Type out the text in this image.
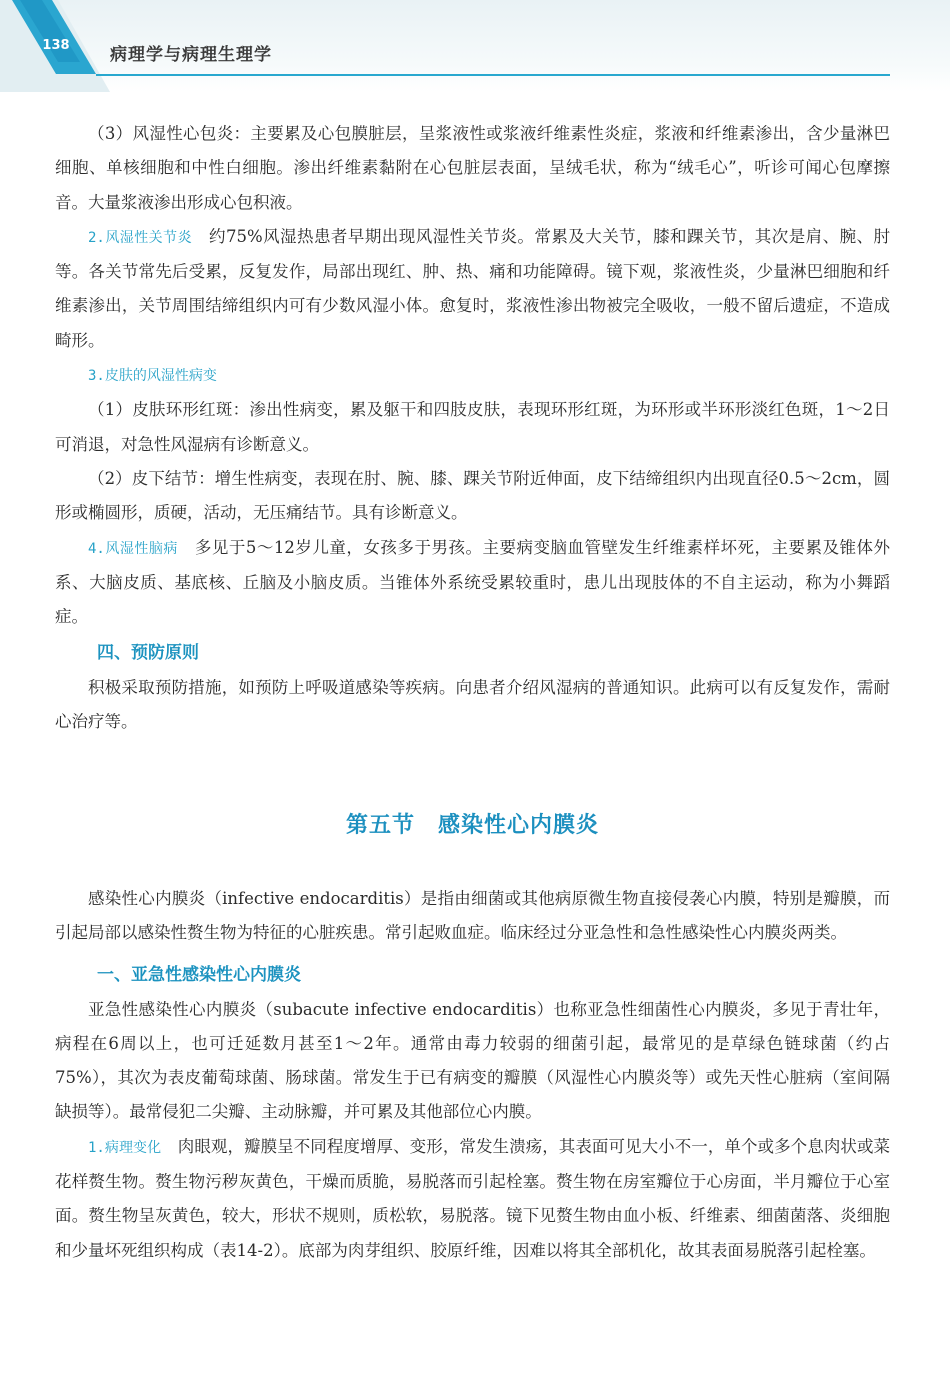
138	病理学与病理生理学

（3）风湿性心包炎：主要累及心包膜脏层，呈浆液性或浆液纤维素性炎症，浆液和纤维素渗出，含少量淋巴细胞、单核细胞和中性白细胞。渗出纤维素黏附在心包脏层表面，呈绒毛状，称为“绒毛心”，听诊可闻心包摩擦音。大量浆液渗出形成心包积液。

2.风湿性关节炎　 约75%风湿热患者早期出现风湿性关节炎。常累及大关节，膝和踝关节，其次是肩、腕、肘等。各关节常先后受累，反复发作，局部出现红、肿、热、痛和功能障碍。镜下观，浆液性炎，少量淋巴细胞和纤维素渗出，关节周围结缔组织内可有少数风湿小体。愈复时，浆液性渗出物被完全吸收，一般不留后遗症，不造成畸形。

3.皮肤的风湿性病变

（1）皮肤环形红斑：渗出性病变，累及躯干和四肢皮肤，表现环形红斑，为环形或半环形淡红色斑，1～2日可消退，对急性风湿病有诊断意义。

（2）皮下结节：增生性病变，表现在肘、腕、膝、踝关节附近伸面，皮下结缔组织内出现直径0.5～2cm，圆形或椭圆形，质硬，活动，无压痛结节。具有诊断意义。

4.风湿性脑病　 多见于5～12岁儿童，女孩多于男孩。主要病变脑血管壁发生纤维素样坏死，主要累及锥体外系、大脑皮质、基底核、丘脑及小脑皮质。当锥体外系统受累较重时，患儿出现肢体的不自主运动，称为小舞蹈症。

四、预防原则

积极采取预防措施，如预防上呼吸道感染等疾病。向患者介绍风湿病的普通知识。此病可以有反复发作，需耐心治疗等。

第五节　感染性心内膜炎

感染性心内膜炎（infective endocarditis）是指由细菌或其他病原微生物直接侵袭心内膜，特别是瓣膜，而引起局部以感染性赘生物为特征的心脏疾患。常引起败血症。临床经过分亚急性和急性感染性心内膜炎两类。

一、亚急性感染性心内膜炎

亚急性感染性心内膜炎（subacute infective endocarditis）也称亚急性细菌性心内膜炎，多见于青壮年，病程在6周以上，也可迁延数月甚至1～2年。通常由毒力较弱的细菌引起，最常见的是草绿色链球菌（约占75%），其次为表皮葡萄球菌、肠球菌。常发生于已有病变的瓣膜（风湿性心内膜炎等）或先天性心脏病（室间隔缺损等）。最常侵犯二尖瓣、主动脉瓣，并可累及其他部位心内膜。

1.病理变化　 肉眼观，瓣膜呈不同程度增厚、变形，常发生溃疡，其表面可见大小不一，单个或多个息肉状或菜花样赘生物。赘生物污秽灰黄色，干燥而质脆，易脱落而引起栓塞。赘生物在房室瓣位于心房面，半月瓣位于心室面。赘生物呈灰黄色，较大，形状不规则，质松软，易脱落。镜下见赘生物由血小板、纤维素、细菌菌落、炎细胞和少量坏死组织构成（表14-2）。底部为肉芽组织、胶原纤维，因难以将其全部机化，故其表面易脱落引起栓塞。
